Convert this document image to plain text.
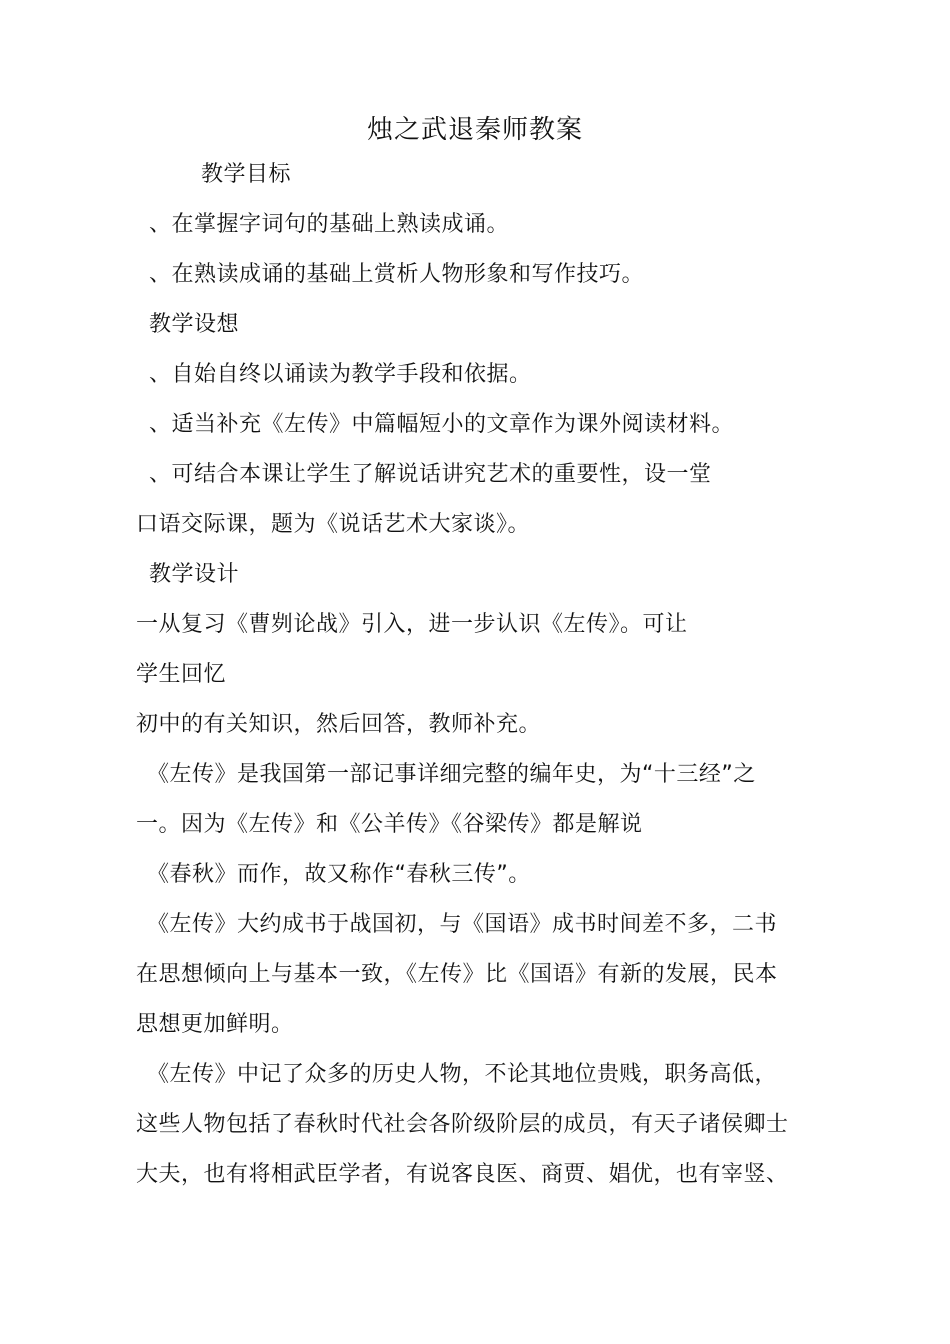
烛之武退秦师教案
教学目标
、在掌握字词句的基础上熟读成诵。
、在熟读成诵的基础上赏析人物形象和写作技巧。
教学设想
、自始自终以诵读为教学手段和依据。
、适当补充《左传》中篇幅短小的文章作为课外阅读材料。
、可结合本课让学生了解说话讲究艺术的重要性，设一堂
口语交际课，题为《说话艺术大家谈》。
教学设计
一从复习《曹刿论战》引入，进一步认识《左传》。可让
学生回忆
初中的有关知识，然后回答，教师补充。
《左传》是我国第一部记事详细完整的编年史，为“十三经”之
一。因为《左传》和《公羊传》《谷梁传》都是解说
《春秋》而作，故又称作“春秋三传”。
《左传》大约成书于战国初，与《国语》成书时间差不多，二书
在思想倾向上与基本一致，《左传》比《国语》有新的发展，民本
思想更加鲜明。
《左传》中记了众多的历史人物，不论其地位贵贱，职务高低，
这些人物包括了春秋时代社会各阶级阶层的成员，有天子诸侯卿士
大夫，也有将相武臣学者，有说客良医、商贾、娼优，也有宰竖、
